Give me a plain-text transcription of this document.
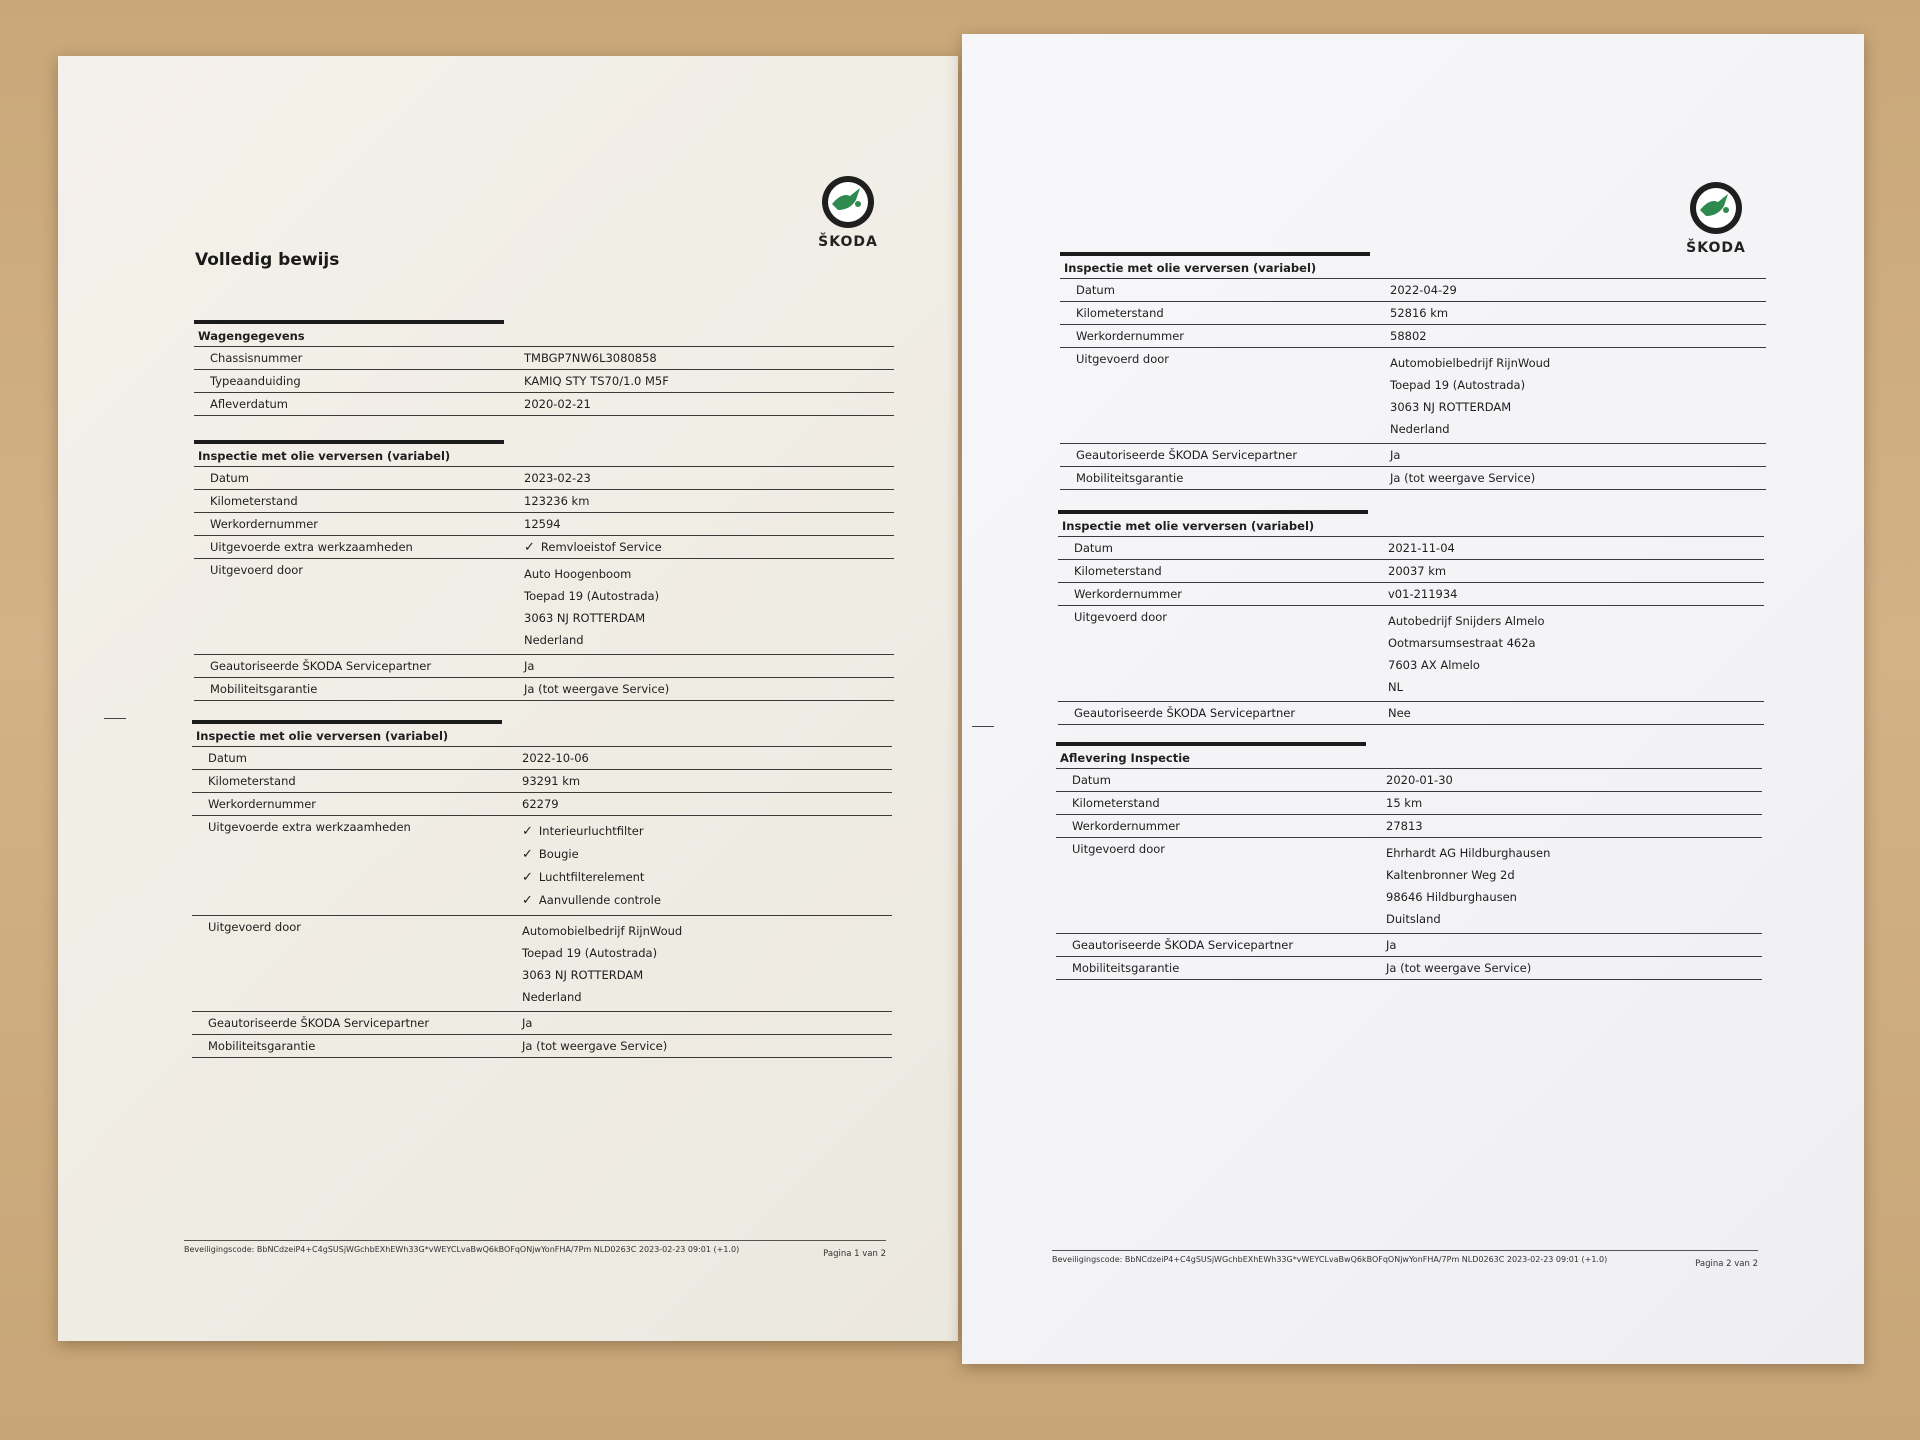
ŠKODA
Volledig bewijs
Wagengegevens
Chassisnummer	TMBGP7NW6L3080858
Typeaanduiding	KAMIQ STY TS70/1.0 M5F
Afleverdatum	2020-02-21
Inspectie met olie verversen (variabel)
Datum	2023-02-23
Kilometerstand	123236 km
Werkordernummer	12594
Uitgevoerde extra werkzaamheden	✓ Remvloeistof Service
Uitgevoerd door	Auto Hoogenboom
Toepad 19 (Autostrada)
3063 NJ ROTTERDAM
Nederland
Geautoriseerde ŠKODA Servicepartner	Ja
Mobiliteitsgarantie	Ja (tot weergave Service)
Inspectie met olie verversen (variabel)
Datum	2022-10-06
Kilometerstand	93291 km
Werkordernummer	62279
Uitgevoerde extra werkzaamheden	✓ Interieurluchtfilter
✓ Bougie
✓ Luchtfilterelement
✓ Aanvullende controle
Uitgevoerd door	Automobielbedrijf RijnWoud
Toepad 19 (Autostrada)
3063 NJ ROTTERDAM
Nederland
Geautoriseerde ŠKODA Servicepartner	Ja
Mobiliteitsgarantie	Ja (tot weergave Service)
Beveiligingscode: BbNCdzeiP4+C4gSUSjWGchbEXhEWh33G*vWEYCLvaBwQ6kBOFqONjwYonFHA/7Pm NLD0263C 2023-02-23 09:01 (+1.0)	Pagina 1 van 2
ŠKODA
Inspectie met olie verversen (variabel)
Datum	2022-04-29
Kilometerstand	52816 km
Werkordernummer	58802
Uitgevoerd door	Automobielbedrijf RijnWoud
Toepad 19 (Autostrada)
3063 NJ ROTTERDAM
Nederland
Geautoriseerde ŠKODA Servicepartner	Ja
Mobiliteitsgarantie	Ja (tot weergave Service)
Inspectie met olie verversen (variabel)
Datum	2021-11-04
Kilometerstand	20037 km
Werkordernummer	v01-211934
Uitgevoerd door	Autobedrijf Snijders Almelo
Ootmarsumsestraat 462a
7603 AX Almelo
NL
Geautoriseerde ŠKODA Servicepartner	Nee
Aflevering Inspectie
Datum	2020-01-30
Kilometerstand	15 km
Werkordernummer	27813
Uitgevoerd door	Ehrhardt AG Hildburghausen
Kaltenbronner Weg 2d
98646 Hildburghausen
Duitsland
Geautoriseerde ŠKODA Servicepartner	Ja
Mobiliteitsgarantie	Ja (tot weergave Service)
Beveiligingscode: BbNCdzeiP4+C4gSUSjWGchbEXhEWh33G*vWEYCLvaBwQ6kBOFqONjwYonFHA/7Pm NLD0263C 2023-02-23 09:01 (+1.0)	Pagina 2 van 2
